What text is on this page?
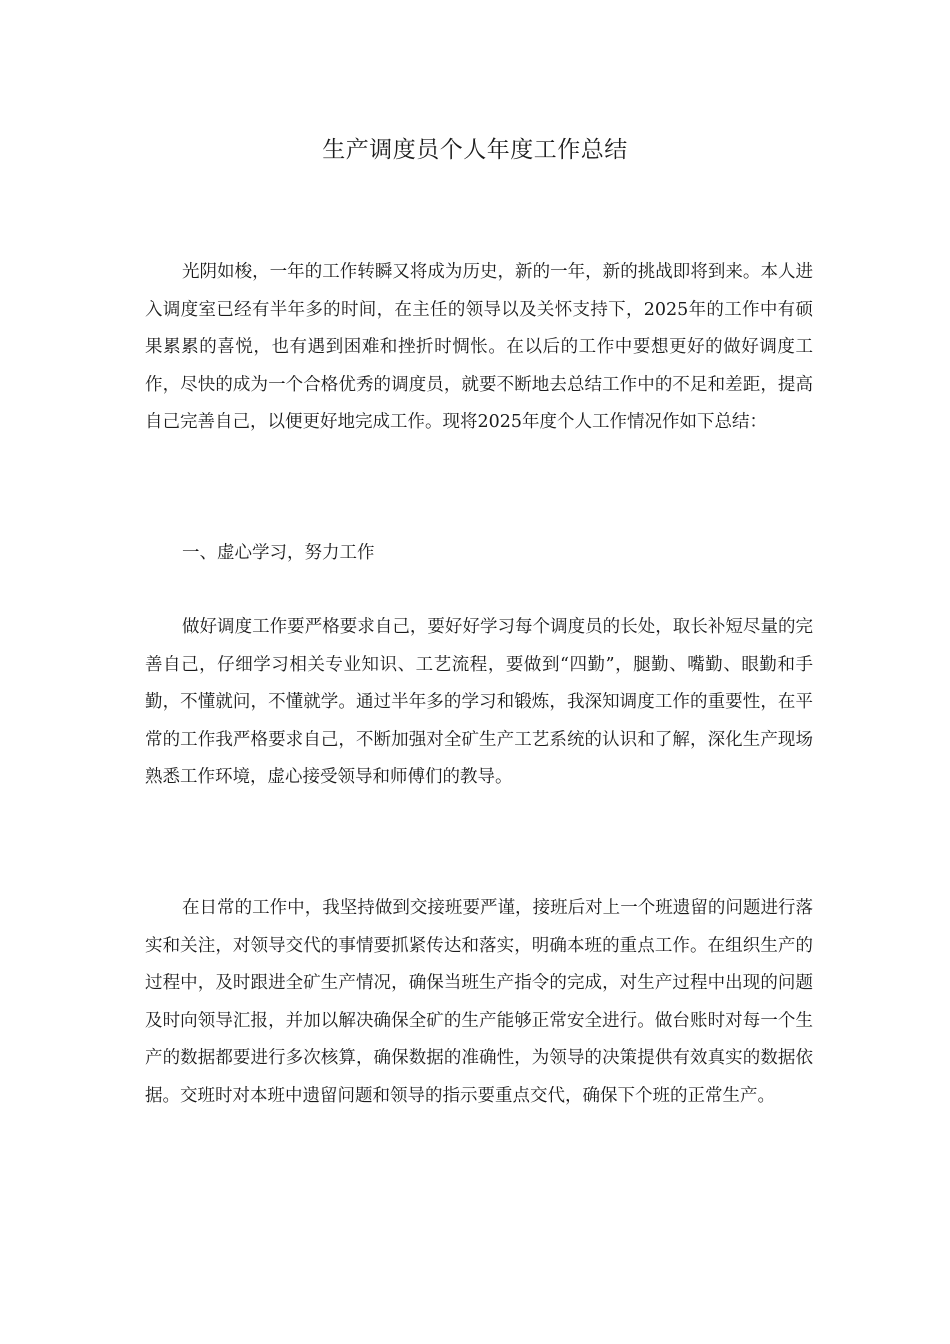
生产调度员个人年度工作总结

光阴如梭，一年的工作转瞬又将成为历史，新的一年，新的挑战即将到来。本人进入调度室已经有半年多的时间，在主任的领导以及关怀支持下，2025年的工作中有硕果累累的喜悦，也有遇到困难和挫折时惆怅。在以后的工作中要想更好的做好调度工作，尽快的成为一个合格优秀的调度员，就要不断地去总结工作中的不足和差距，提高自己完善自己，以便更好地完成工作。现将2025年度个人工作情况作如下总结：

一、虚心学习，努力工作

做好调度工作要严格要求自己，要好好学习每个调度员的长处，取长补短尽量的完善自己，仔细学习相关专业知识、工艺流程，要做到“四勤”，腿勤、嘴勤、眼勤和手勤，不懂就问，不懂就学。通过半年多的学习和锻炼，我深知调度工作的重要性，在平常的工作我严格要求自己，不断加强对全矿生产工艺系统的认识和了解，深化生产现场熟悉工作环境，虚心接受领导和师傅们的教导。

在日常的工作中，我坚持做到交接班要严谨，接班后对上一个班遗留的问题进行落实和关注，对领导交代的事情要抓紧传达和落实，明确本班的重点工作。在组织生产的过程中，及时跟进全矿生产情况，确保当班生产指令的完成，对生产过程中出现的问题及时向领导汇报，并加以解决确保全矿的生产能够正常安全进行。做台账时对每一个生产的数据都要进行多次核算，确保数据的准确性，为领导的决策提供有效真实的数据依据。交班时对本班中遗留问题和领导的指示要重点交代，确保下个班的正常生产。
